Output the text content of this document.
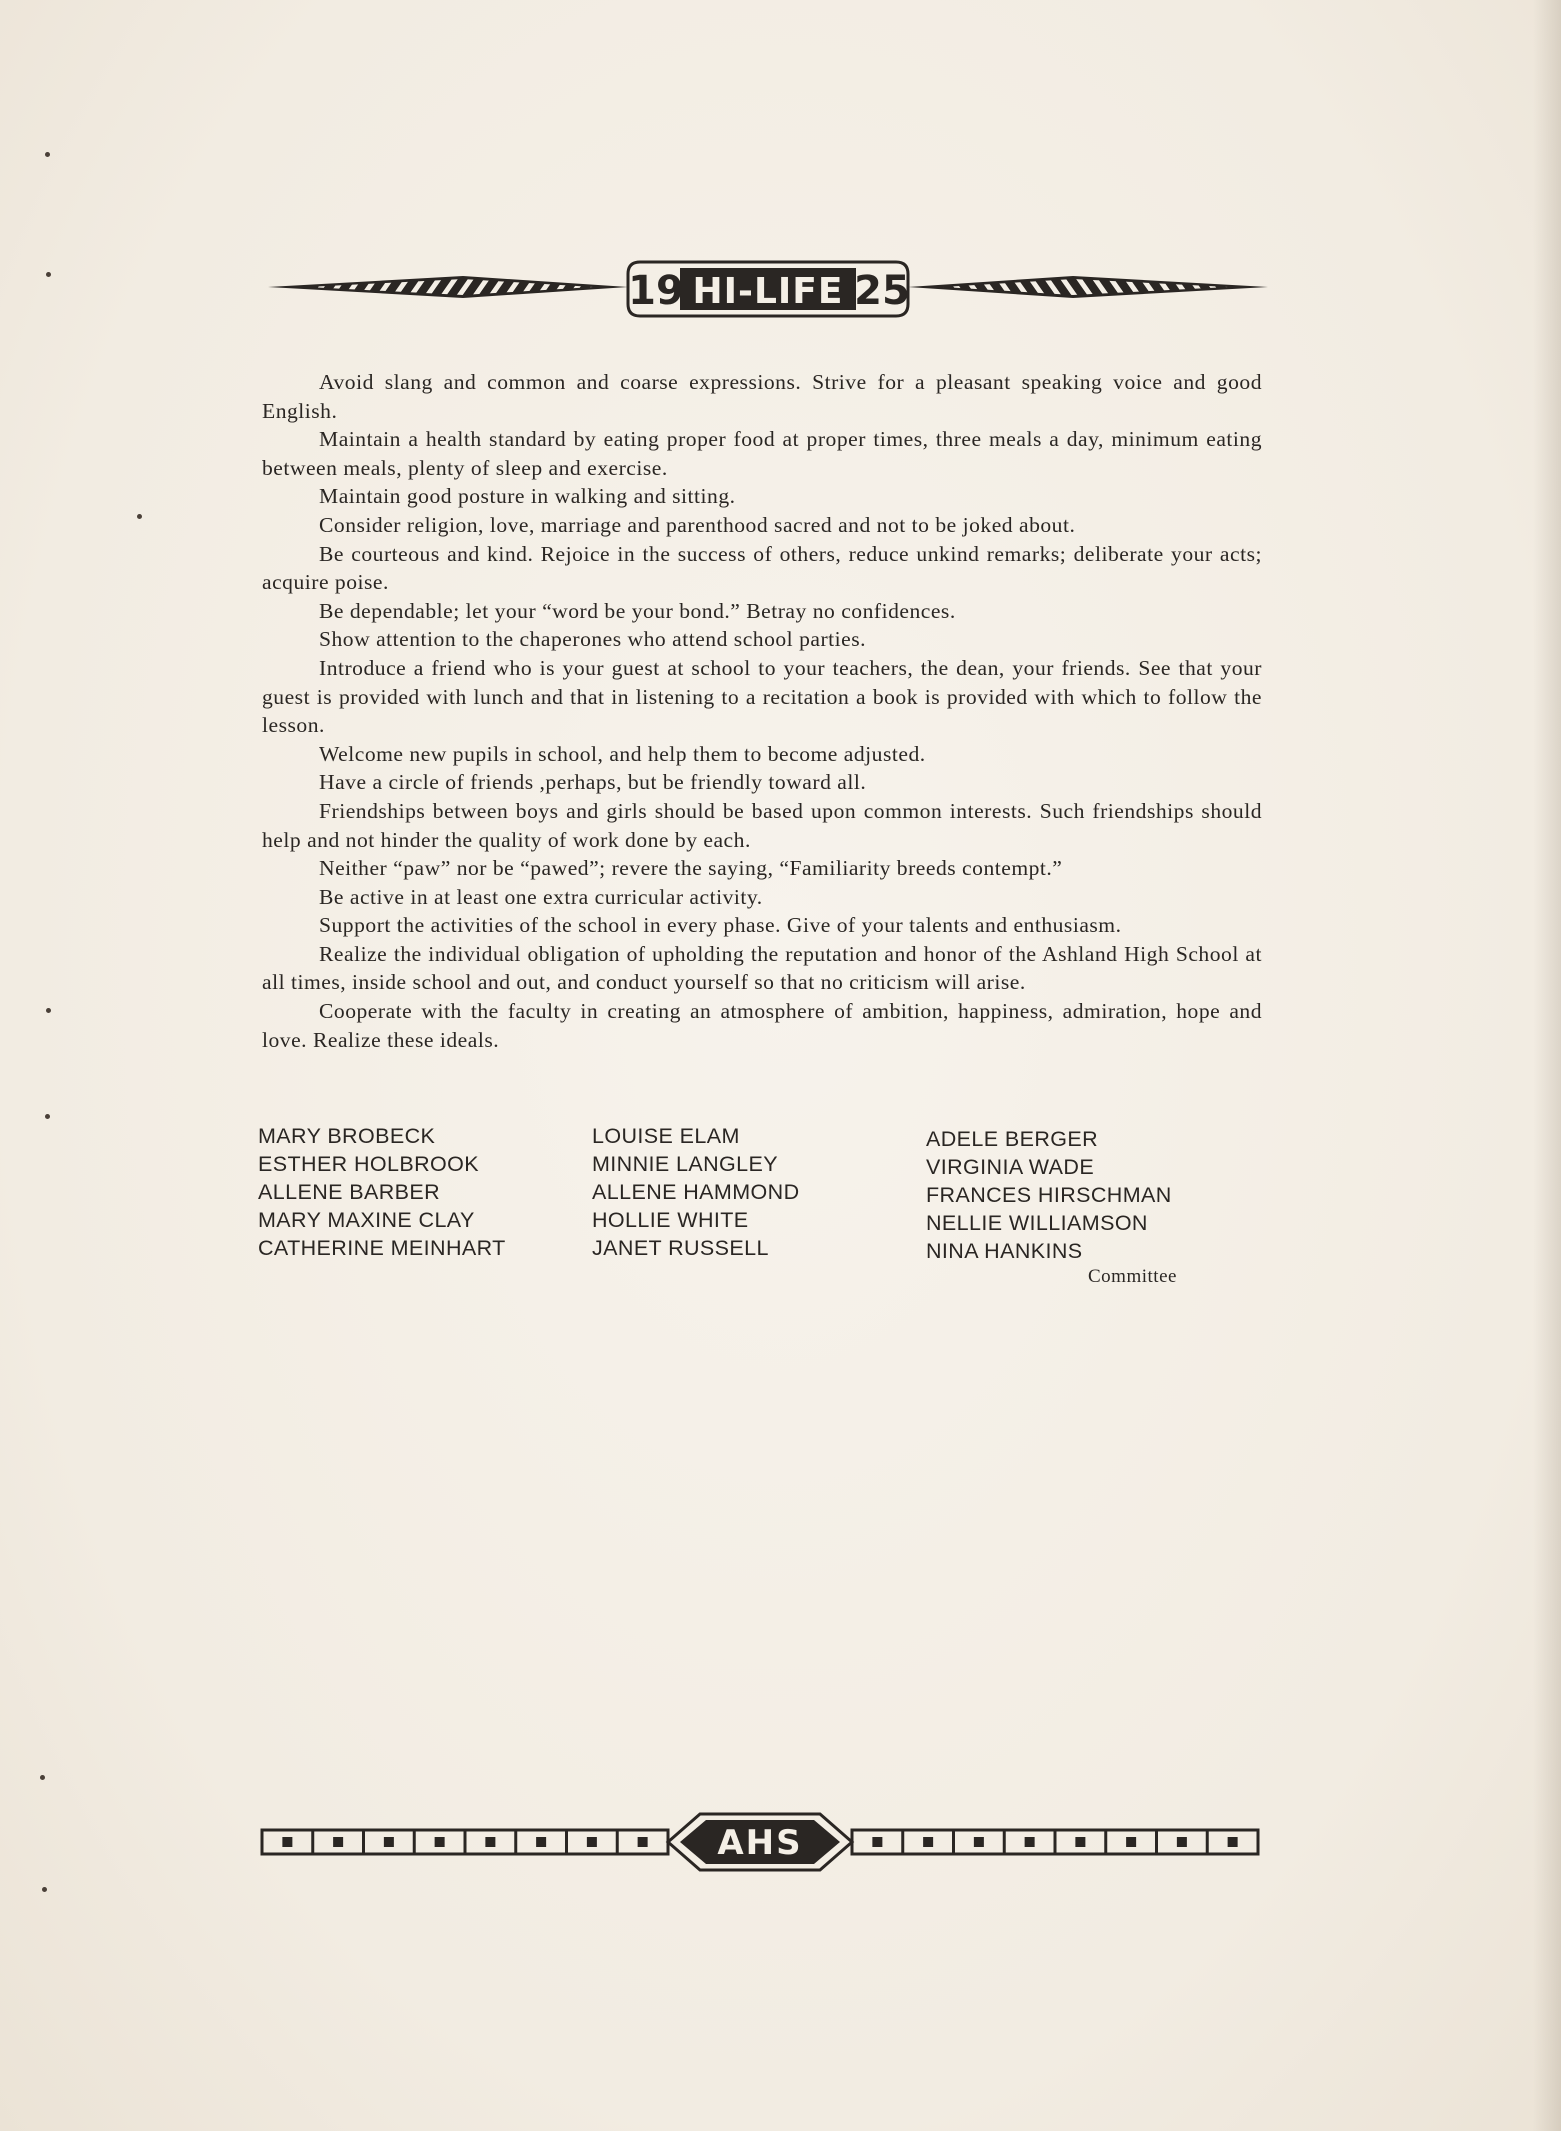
19 HI-LIFE 25

Avoid slang and common and coarse expressions. Strive for a pleasant speaking voice and good English.

Maintain a health standard by eating proper food at proper times, three meals a day, minimum eating between meals, plenty of sleep and exercise.

Maintain good posture in walking and sitting.

Consider religion, love, marriage and parenthood sacred and not to be joked about.

Be courteous and kind. Rejoice in the success of others, reduce unkind remarks; deliberate your acts; acquire poise.

Be dependable; let your “word be your bond.” Betray no confidences.

Show attention to the chaperones who attend school parties.

Introduce a friend who is your guest at school to your teachers, the dean, your friends. See that your guest is provided with lunch and that in listening to a recitation a book is provided with which to follow the lesson.

Welcome new pupils in school, and help them to become adjusted.

Have a circle of friends ,perhaps, but be friendly toward all.

Friendships between boys and girls should be based upon common interests. Such friendships should help and not hinder the quality of work done by each.

Neither “paw” nor be “pawed”; revere the saying, “Familiarity breeds contempt.”

Be active in at least one extra curricular activity.

Support the activities of the school in every phase. Give of your talents and enthusiasm.

Realize the individual obligation of upholding the reputation and honor of the Ashland High School at all times, inside school and out, and conduct yourself so that no criticism will arise.

Cooperate with the faculty in creating an atmosphere of ambition, happiness, admiration, hope and love. Realize these ideals.

MARY BROBECK
ESTHER HOLBROOK
ALLENE BARBER
MARY MAXINE CLAY
CATHERINE MEINHART
LOUISE ELAM
MINNIE LANGLEY
ALLENE HAMMOND
HOLLIE WHITE
JANET RUSSELL
ADELE BERGER
VIRGINIA WADE
FRANCES HIRSCHMAN
NELLIE WILLIAMSON
NINA HANKINS
Committee
AHS
